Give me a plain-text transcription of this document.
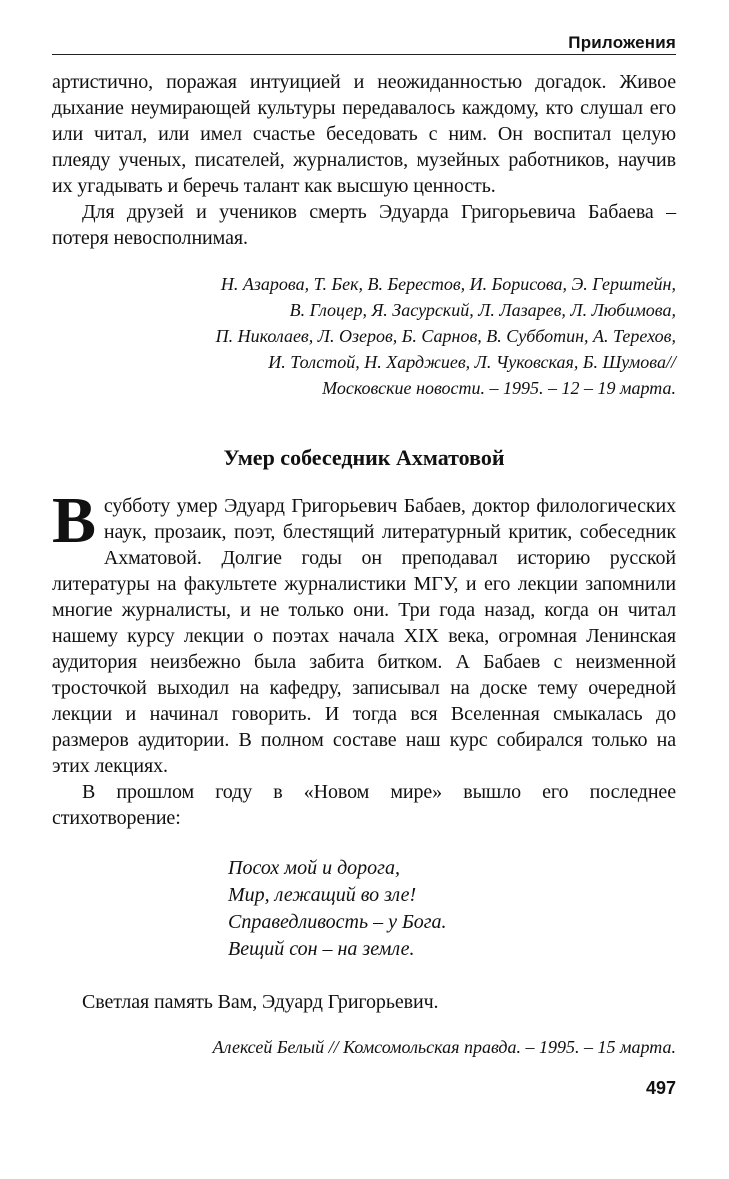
Приложения

артистично, поражая интуицией и неожиданностью догадок. Живое дыхание неумирающей культуры передавалось каждому, кто слушал его или читал, или имел счастье беседовать с ним. Он воспитал целую плеяду ученых, писателей, журналистов, музейных работников, научив их угадывать и беречь талант как высшую ценность.

Для друзей и учеников смерть Эдуарда Григорьевича Бабаева – потеря невосполнимая.

Н. Азарова, Т. Бек, В. Берестов, И. Борисова, Э. Герштейн,
В. Глоцер, Я. Засурский, Л. Лазарев, Л. Любимова,
П. Николаев, Л. Озеров, Б. Сарнов, В. Субботин, А. Терехов,
И. Толстой, Н. Харджиев, Л. Чуковская, Б. Шумова//
Московские новости. – 1995. – 12 – 19 марта.
Умер собеседник Ахматовой

Всубботу умер Эдуард Григорьевич Бабаев, доктор филологических наук, прозаик, поэт, блестящий литературный критик, собеседник Ахматовой. Долгие годы он преподавал историю русской литературы на факультете журналистики МГУ, и его лекции запомнили многие журналисты, и не только они. Три года назад, когда он читал нашему курсу лекции о поэтах начала XIX века, огромная Ленинская аудитория неизбежно была забита битком. А Бабаев с неизменной тросточкой выходил на кафедру, записывал на доске тему очередной лекции и начинал говорить. И тогда вся Вселенная смыкалась до размеров аудитории. В полном составе наш курс собирался только на этих лекциях.

В прошлом году в «Новом мире» вышло его последнее стихотворение:

Посох мой и дорога,
Мир, лежащий во зле!
Справедливость – у Бога.
Вещий сон – на земле.

Светлая память Вам, Эдуард Григорьевич.

Алексей Белый // Комсомольская правда. – 1995. – 15 марта.
497
